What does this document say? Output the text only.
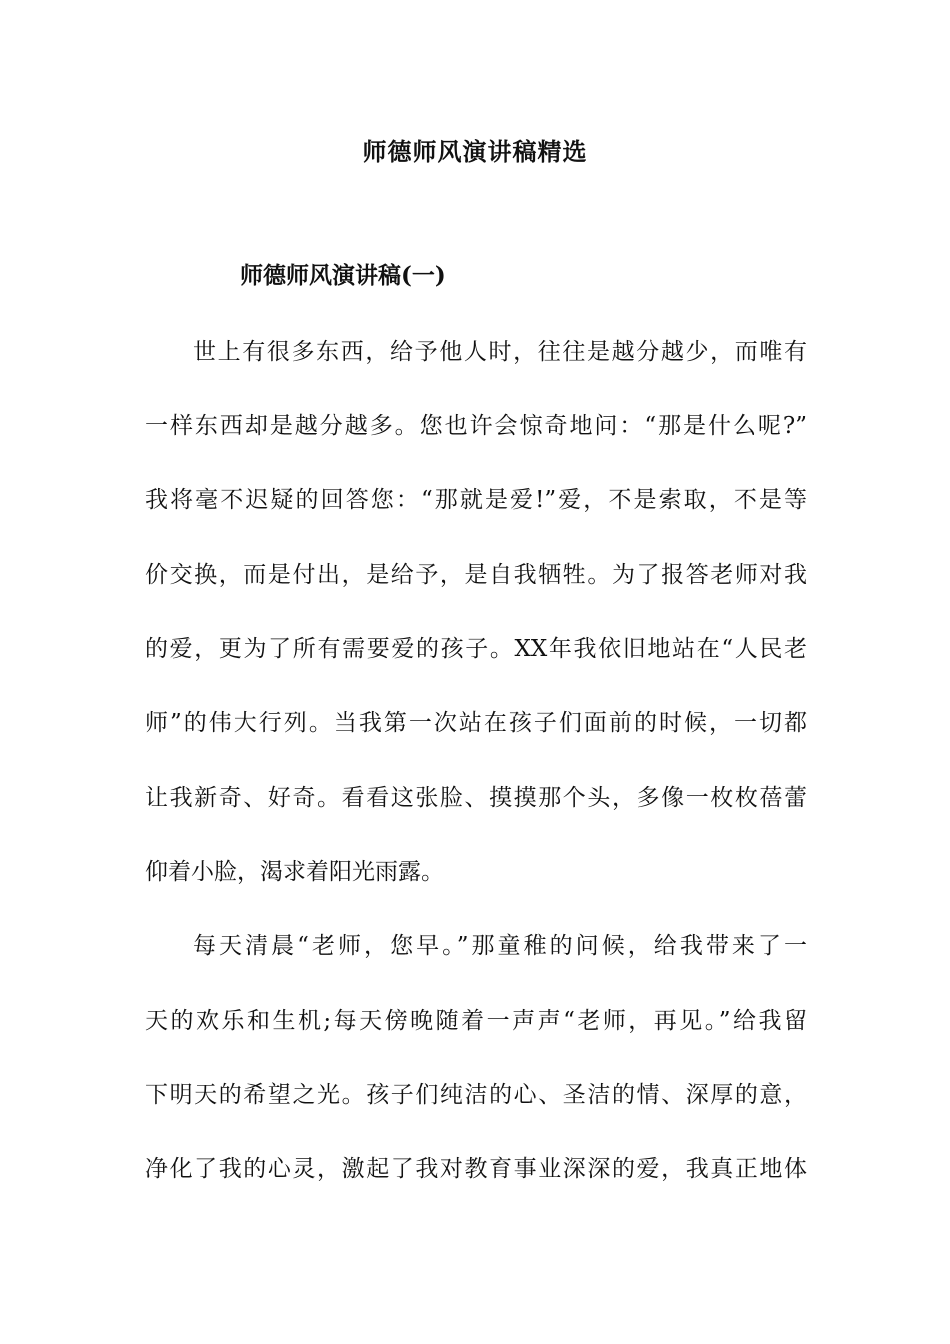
师德师风演讲稿精选
师德师风演讲稿(一)

世上有很多东西，给予他人时，往往是越分越少，而唯有

一样东西却是越分越多。您也许会惊奇地问：“那是什么呢?”

我将毫不迟疑的回答您：“那就是爱!”爱，不是索取，不是等

价交换，而是付出，是给予，是自我牺牲。为了报答老师对我

的爱，更为了所有需要爱的孩子。XX年我依旧地站在“人民老

师”的伟大行列。当我第一次站在孩子们面前的时候，一切都

让我新奇、好奇。看看这张脸、摸摸那个头，多像一枚枚蓓蕾

仰着小脸，渴求着阳光雨露。

每天清晨“老师，您早。”那童稚的问候，给我带来了一

天的欢乐和生机;每天傍晚随着一声声“老师，再见。”给我留

下明天的希望之光。孩子们纯洁的心、圣洁的情、深厚的意，

净化了我的心灵，激起了我对教育事业深深的爱，我真正地体
